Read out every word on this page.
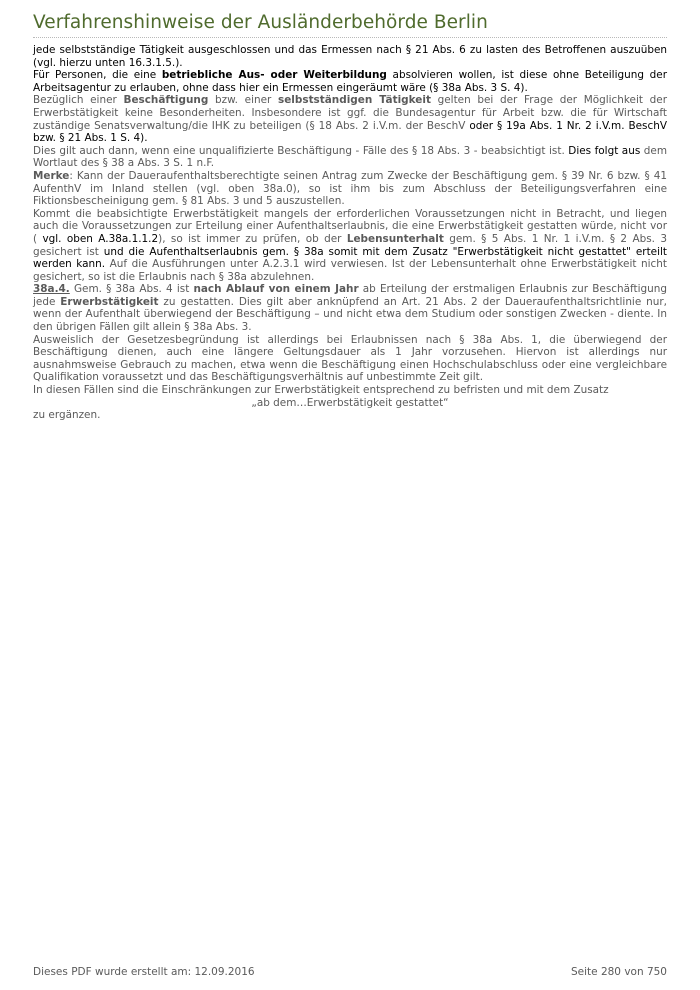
Verfahrenshinweise der Ausländerbehörde Berlin

jede selbstständige Tätigkeit ausgeschlossen und das Ermessen nach § 21 Abs. 6 zu lasten des Betroffenen auszuüben (vgl. hierzu unten 16.3.1.5.).

Für Personen, die eine betriebliche Aus- oder Weiterbildung absolvieren wollen, ist diese ohne Beteiligung der Arbeitsagentur zu erlauben, ohne dass hier ein Ermessen eingeräumt wäre (§ 38a Abs. 3 S. 4).

Bezüglich einer Beschäftigung bzw. einer selbstständigen Tätigkeit gelten bei der Frage der Möglichkeit der Erwerbstätigkeit keine Besonderheiten. Insbesondere ist ggf. die Bundesagentur für Arbeit bzw. die für Wirtschaft zuständige Senatsverwaltung/die IHK zu beteiligen (§ 18 Abs. 2 i.V.m. der BeschV oder § 19a Abs. 1 Nr. 2 i.V.m. BeschV bzw. § 21 Abs. 1 S. 4).

Dies gilt auch dann, wenn eine unqualifizierte Beschäftigung - Fälle des § 18 Abs. 3 - beabsichtigt ist. Dies folgt aus dem Wortlaut des § 38 a Abs. 3 S. 1 n.F.

Merke: Kann der Daueraufenthaltsberechtigte seinen Antrag zum Zwecke der Beschäftigung gem. § 39 Nr. 6 bzw. § 41 AufenthV im Inland stellen (vgl. oben 38a.0), so ist ihm bis zum Abschluss der Beteiligungsverfahren eine Fiktionsbescheinigung gem. § 81 Abs. 3 und 5 auszustellen.

Kommt die beabsichtigte Erwerbstätigkeit mangels der erforderlichen Voraussetzungen nicht in Betracht, und liegen auch die Voraussetzungen zur Erteilung einer Aufenthaltserlaubnis, die eine Erwerbstätigkeit gestatten würde, nicht vor ( vgl. oben A.38a.1.1.2), so ist immer zu prüfen, ob der Lebensunterhalt gem. § 5 Abs. 1 Nr. 1 i.V.m. § 2 Abs. 3 gesichert ist und die Aufenthaltserlaubnis gem. § 38a somit mit dem Zusatz "Erwerbstätigkeit nicht gestattet" erteilt werden kann. Auf die Ausführungen unter A.2.3.1 wird verwiesen. Ist der Lebensunterhalt ohne Erwerbstätigkeit nicht gesichert, so ist die Erlaubnis nach § 38a abzulehnen.

38a.4. Gem. § 38a Abs. 4 ist nach Ablauf von einem Jahr ab Erteilung der erstmaligen Erlaubnis zur Beschäftigung jede Erwerbstätigkeit zu gestatten. Dies gilt aber anknüpfend an Art. 21 Abs. 2 der Daueraufenthaltsrichtlinie nur, wenn der Aufenthalt überwiegend der Beschäftigung – und nicht etwa dem Studium oder sonstigen Zwecken - diente. In den übrigen Fällen gilt allein § 38a Abs. 3.

Ausweislich der Gesetzesbegründung ist allerdings bei Erlaubnissen nach § 38a Abs. 1, die überwiegend der Beschäftigung dienen, auch eine längere Geltungsdauer als 1 Jahr vorzusehen. Hiervon ist allerdings nur ausnahmsweise Gebrauch zu machen, etwa wenn die Beschäftigung einen Hochschulabschluss oder eine vergleichbare Qualifikation voraussetzt und das Beschäftigungsverhältnis auf unbestimmte Zeit gilt.

In diesen Fällen sind die Einschränkungen zur Erwerbstätigkeit entsprechend zu befristen und mit dem Zusatz

„ab dem…Erwerbstätigkeit gestattet“

zu ergänzen.

Dieses PDF wurde erstellt am: 12.09.2016	Seite 280 von 750
